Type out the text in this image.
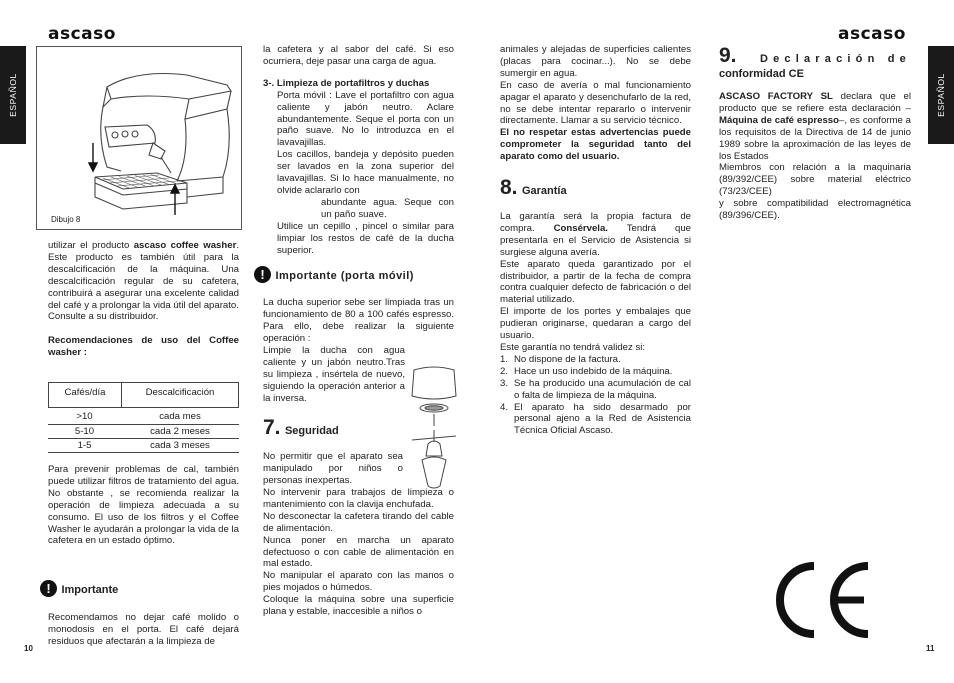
ascaso	ascaso
ESPAÑOL	ESPAÑOL
10	11
Dibujo 8

utilizar el producto ascaso coffee washer. Este producto es también útil para la descalcificación de la máquina. Una descalcificación regular de su cafetera, contribuirá a asegurar una excelente calidad del café y a prolongar la vida útil del aparato.

Consulte a su distribuidor.

Recomendaciones de uso del Coffee washer :

Cafés/día	Descalcificación
>10	cada mes
5-10	cada 2 meses
1-5	cada 3 meses
Para prevenir problemas de cal, también puede utilizar filtros de tratamiento del agua. No obstante , se recomienda realizar la operación de limpieza adecuada a su consumo. El uso de los filtros y el Coffee Washer le ayudarán a prolongar la vida de la cafetera en un estado óptimo.
! Importante
Recomendamos no dejar café molido o monodosis en el porta. El café dejará residuos que afectarán a la limpieza de

la cafetera y al sabor del café. Si eso ocurriera, deje pasar una carga de agua.

3-. Limpieza de portafiltros y duchas

Porta móvil : Lave el portafiltro con agua caliente y jabón neutro. Aclare abundantemente. Seque el porta con un paño suave. No lo introduzca en el lavavajillas.

Los cacillos, bandeja y depósito pueden ser lavados en la zona superior del lavavajillas. Si lo hace manualmente, no olvide aclararlo con

abundante agua. Seque con un paño suave.

Utilice un cepillo , pincel o similar para limpiar los restos de café de la ducha superior.

! Importante (porta móvil)
La ducha superior sebe ser limpiada tras un funcionamiento de 80 a 100 cafés espresso. Para ello, debe realizar la siguiente operación :
Limpie la ducha con agua caliente y un jabón neutro.Tras su limpieza , insértela de nuevo, siguiendo la operación anterior a la inversa.
7. Seguridad
No permitir que el aparato sea manipulado por niños o personas inexpertas.

No intervenir para trabajos de limpieza o mantenimiento con la clavija enchufada.

No desconectar la cafetera tirando del cable de alimentación.

Nunca poner en marcha un aparato defectuoso o con cable de alimentación en mal estado.

No manipular el aparato con las manos o pies mojados o húmedos.

Coloque la máquina sobre una superficie plana y estable, inaccesible a niños o

animales y alejadas de superficies calientes (placas para cocinar...). No se debe sumergir en agua.

En caso de avería o mal funcionamiento apagar el aparato y desenchufarlo de la red, no se debe intentar repararlo o intervenir directamente. Llamar a su servicio técnico.

El no respetar estas advertencias puede comprometer la seguridad tanto del aparato como del usuario.

8. Garantía

La garantía será la propia factura de compra. Consérvela. Tendrá que presentarla en el Servicio de Asistencia si surgiese alguna avería.

Este aparato queda garantizado por el distribuidor, a partir de la fecha de compra contra cualquier defecto de fabricación o del material utilizado.

El importe de los portes y embalajes que pudieran originarse, quedaran a cargo del usuario.

Este garantía no tendrá validez si:

1. No dispone de la factura.

2. Hace un uso indebido de la máquina.

3. Se ha producido una acumulación de cal o falta de limpieza de la máquina.

4. El aparato ha sido desarmado por personal ajeno a la Red de Asistencia Técnica Oficial Ascaso.

9. Declaración de
conformidad CE

ASCASO FACTORY SL declara que el producto que se refiere esta declaración –Máquina de café espresso–, es conforme a los requisitos de la Directiva de 14 de junio 1989 sobre la aproximación de las leyes de los Estados

Miembros con relación a la maquinaria (89/392/CEE) sobre material eléctrico (73/23/CEE)

y sobre compatibilidad electromagnética (89/396/CEE).
